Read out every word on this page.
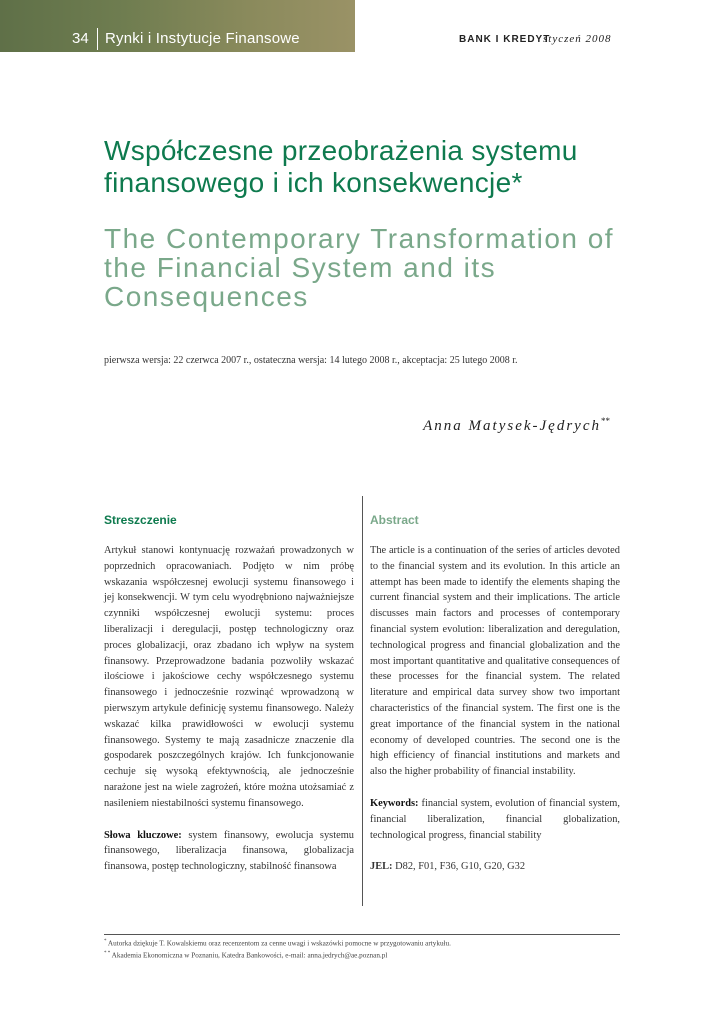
34 Rynki i Instytucje Finansowe	BANK I KREDYT
styczeń 2008
Współczesne przeobrażenia systemu finansowego i ich konsekwencje*
The Contemporary Transformation of the Financial System and its Consequences
pierwsza wersja: 22 czerwca 2007 r., ostateczna wersja: 14 lutego 2008 r., akceptacja: 25 lutego 2008 r.
Anna Matysek-Jędrych**
Streszczenie

Artykuł stanowi kontynuację rozważań prowadzonych w poprzednich opracowaniach. Podjęto w nim próbę wskazania współczesnej ewolucji systemu finansowego i jej konsekwencji. W tym celu wyodrębniono najważniejsze czynniki współczesnej ewolucji systemu: proces liberalizacji i deregulacji, postęp technologiczny oraz proces globalizacji, oraz zbadano ich wpływ na system finansowy. Przeprowadzone badania pozwoliły wskazać ilościowe i jakościowe cechy współczesnego systemu finansowego i jednocześnie rozwinąć wprowadzoną w pierwszym artykule definicję systemu finansowego. Należy wskazać kilka prawidłowości w ewolucji systemu finansowego. Systemy te mają zasadnicze znaczenie dla gospodarek poszczególnych krajów. Ich funkcjonowanie cechuje się wysoką efektywnością, ale jednocześnie narażone jest na wiele zagrożeń, które można utożsamiać z nasileniem niestabilności systemu finansowego.

Słowa kluczowe: system finansowy, ewolucja systemu finansowego, liberalizacja finansowa, globalizacja finansowa, postęp technologiczny, stabilność finansowa
Abstract

The article is a continuation of the series of articles devoted to the financial system and its evolution. In this article an attempt has been made to identify the elements shaping the current financial system and their implications. The article discusses main factors and processes of contemporary financial system evolution: liberalization and deregulation, technological progress and financial globalization and the most important quantitative and qualitative consequences of these processes for the financial system. The related literature and empirical data survey show two important characteristics of the financial system. The first one is the great importance of the financial system in the national economy of developed countries. The second one is the high efficiency of financial institutions and markets and also the higher probability of financial instability.

Keywords: financial system, evolution of financial system, financial liberalization, financial globalization, technological progress, financial stability
JEL: D82, F01, F36, G10, G20, G32
* Autorka dziękuje T. Kowalskiemu oraz recenzentom za cenne uwagi i wskazówki pomocne w przygotowaniu artykułu.
* * Akademia Ekonomiczna w Poznaniu, Katedra Bankowości, e-mail: anna.jedrych@ae.poznan.pl
